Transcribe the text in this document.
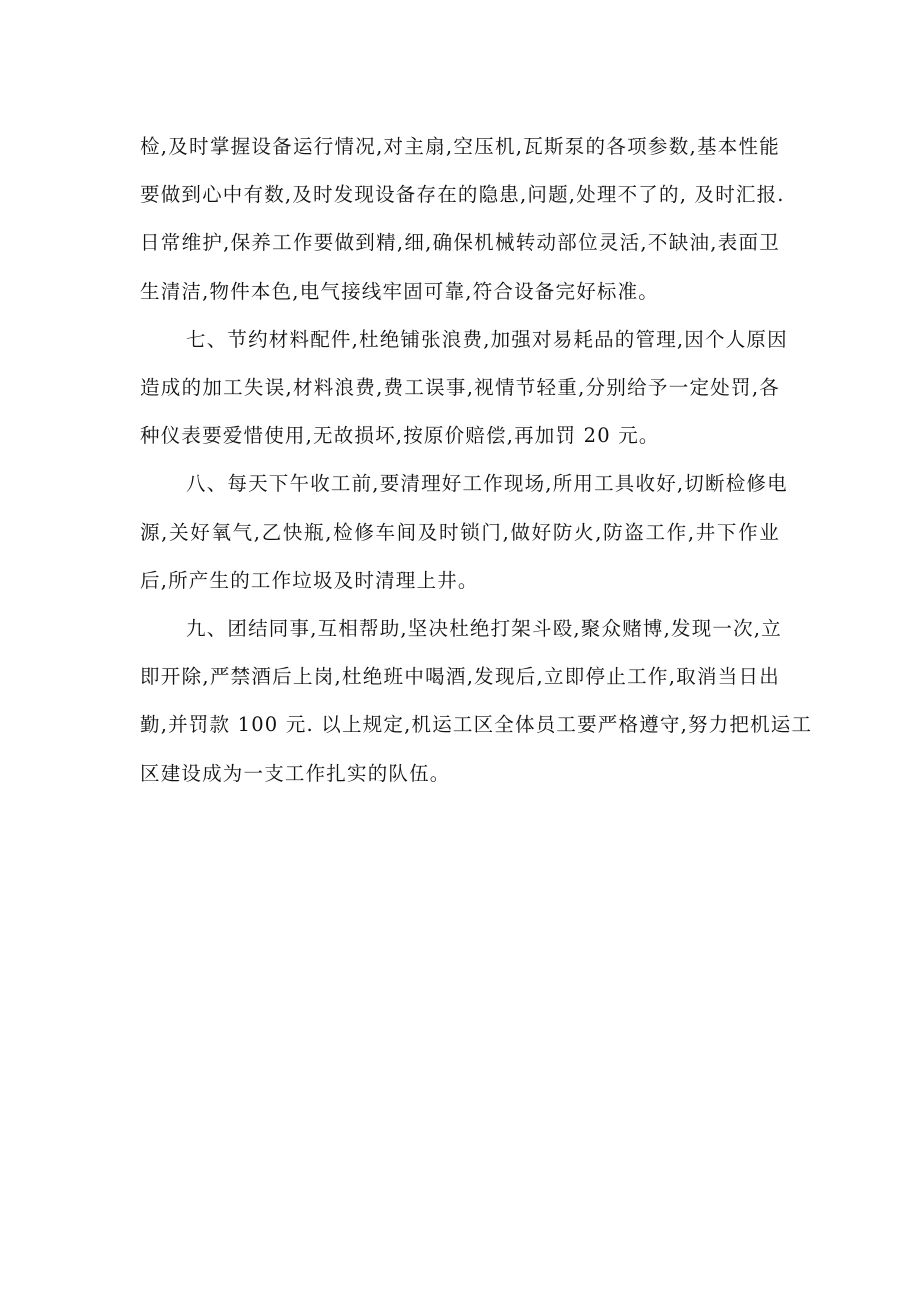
检,及时掌握设备运行情况,对主扇,空压机,瓦斯泵的各项参数,基本性能
要做到心中有数,及时发现设备存在的隐患,问题,处理不了的, 及时汇报.
日常维护,保养工作要做到精,细,确保机械转动部位灵活,不缺油,表面卫
生清洁,物件本色,电气接线牢固可靠,符合设备完好标准。

七、节约材料配件,杜绝铺张浪费,加强对易耗品的管理,因个人原因
造成的加工失误,材料浪费,费工误事,视情节轻重,分别给予一定处罚,各
种仪表要爱惜使用,无故损坏,按原价赔偿,再加罚 20 元。

八、每天下午收工前,要清理好工作现场,所用工具收好,切断检修电
源,关好氧气,乙快瓶,检修车间及时锁门,做好防火,防盗工作,井下作业
后,所产生的工作垃圾及时清理上井。

九、团结同事,互相帮助,坚决杜绝打架斗殴,聚众赌博,发现一次,立
即开除,严禁酒后上岗,杜绝班中喝酒,发现后,立即停止工作,取消当日出
勤,并罚款 100 元. 以上规定,机运工区全体员工要严格遵守,努力把机运工
区建设成为一支工作扎实的队伍。
